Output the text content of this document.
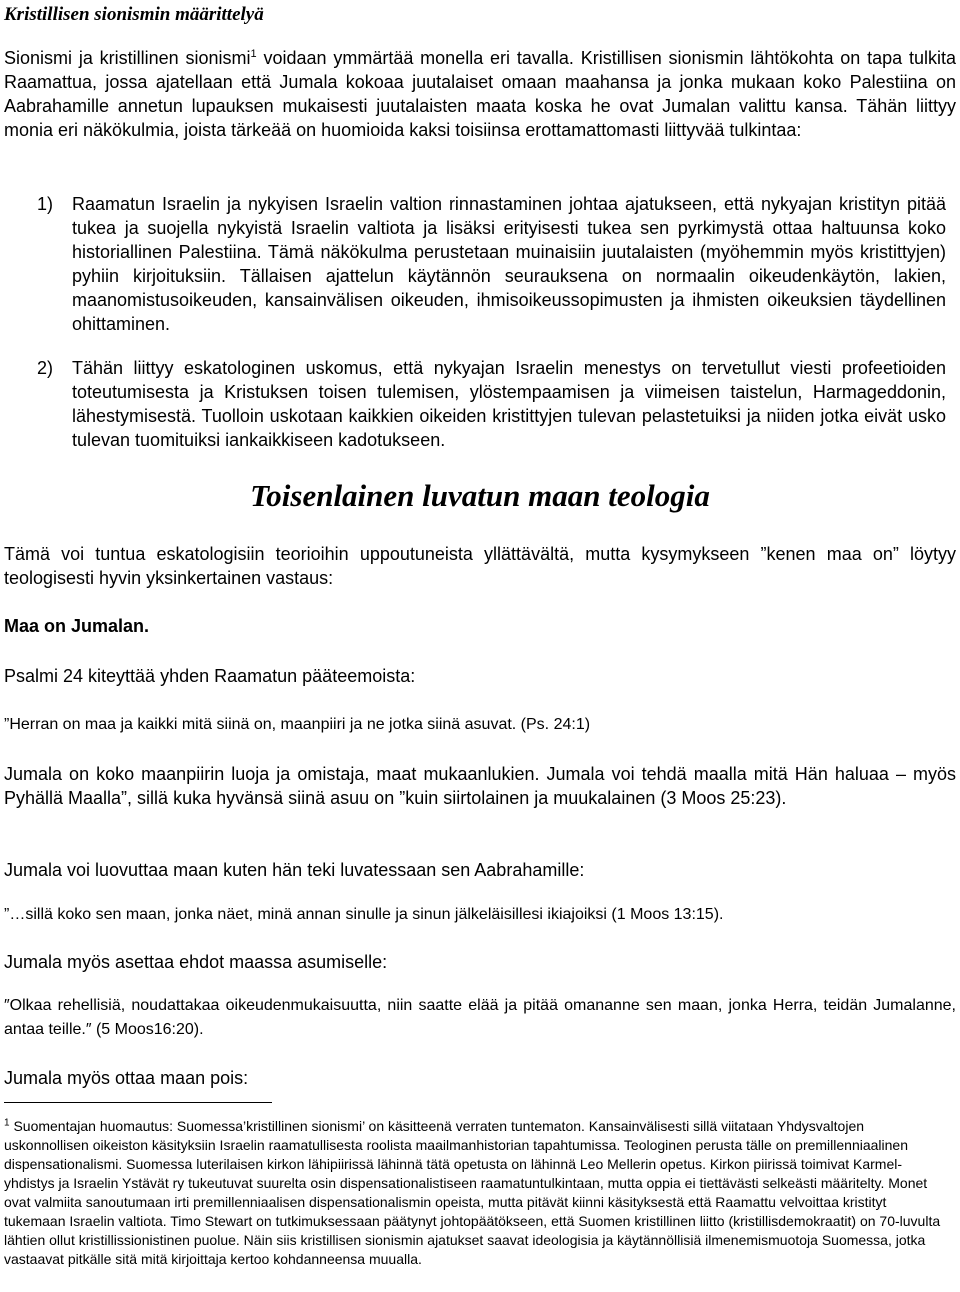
Kristillisen sionismin määrittelyä

Sionismi ja kristillinen sionismi$^1$ voidaan ymmärtää monella eri tavalla. Kristillisen sionismin lähtökohta on tapa tulkita Raamattua, jossa ajatellaan että Jumala kokoaa juutalaiset omaan maahansa ja jonka mukaan koko Palestiina on Aabrahamille annetun lupauksen mukaisesti juutalaisten maata koska he ovat Jumalan valittu kansa. Tähän liittyy monia eri näkökulmia, joista tärkeää on huomioida kaksi toisiinsa erottamattomasti liittyvää tulkintaa:

1) Raamatun Israelin ja nykyisen Israelin valtion rinnastaminen johtaa ajatukseen, että nykyajan kristityn pitää tukea ja suojella nykyistä Israelin valtiota ja lisäksi erityisesti tukea sen pyrkimystä ottaa haltuunsa koko historiallinen Palestiina. Tämä näkökulma perustetaan muinaisiin juutalaisten (myöhemmin myös kristittyjen) pyhiin kirjoituksiin. Tällaisen ajattelun käytännön seurauksena on normaalin oikeudenkäytön, lakien, maanomistusoikeuden, kansainvälisen oikeuden, ihmisoikeussopimusten ja ihmisten oikeuksien täydellinen ohittaminen.
2) Tähän liittyy eskatologinen uskomus, että nykyajan Israelin menestys on tervetullut viesti profeetioiden toteutumisesta ja Kristuksen toisen tulemisen, ylöstempaamisen ja viimeisen taistelun, Harmageddonin, lähestymisestä. Tuolloin uskotaan kaikkien oikeiden kristittyjen tulevan pelastetuiksi ja niiden jotka eivät usko tulevan tuomituiksi iankaikkiseen kadotukseen.
Toisenlainen luvatun maan teologia

Tämä voi tuntua eskatologisiin teorioihin uppoutuneista yllättävältä, mutta kysymykseen ”kenen maa on” löytyy teologisesti hyvin yksinkertainen vastaus:

Maa on Jumalan.

Psalmi 24 kiteyttää yhden Raamatun pääteemoista:

”Herran on maa ja kaikki mitä siinä on, maanpiiri ja ne jotka siinä asuvat. (Ps. 24:1)

Jumala on koko maanpiirin luoja ja omistaja, maat mukaanlukien. Jumala voi tehdä maalla mitä Hän haluaa – myös Pyhällä Maalla”, sillä kuka hyvänsä siinä asuu on ”kuin siirtolainen ja muukalainen (3 Moos 25:23).

Jumala voi luovuttaa maan kuten hän teki luvatessaan sen Aabrahamille:

”…sillä koko sen maan, jonka näet, minä annan sinulle ja sinun jälkeläisillesi ikiajoiksi (1 Moos 13:15).

Jumala myös asettaa ehdot maassa asumiselle:

″Olkaa rehellisiä, noudattakaa oikeudenmukaisuutta, niin saatte elää ja pitää omananne sen maan, jonka Herra, teidän Jumalanne, antaa teille.″ (5 Moos16:20).

Jumala myös ottaa maan pois:

$^1$ Suomentajan huomautus: Suomessa’kristillinen sionismi’ on käsitteenä verraten tuntematon. Kansainvälisesti sillä viitataan Yhdysvaltojen uskonnollisen oikeiston käsityksiin Israelin raamatullisesta roolista maailmanhistorian tapahtumissa. Teologinen perusta tälle on premillenniaalinen dispensationalismi. Suomessa luterilaisen kirkon lähipiirissä lähinnä tätä opetusta on lähinnä Leo Mellerin opetus. Kirkon piirissä toimivat Karmel-yhdistys ja Israelin Ystävät ry tukeutuvat suurelta osin dispensationalistiseen raamatuntulkintaan, mutta oppia ei tiettävästi selkeästi määritelty. Monet ovat valmiita sanoutumaan irti premillenniaalisen dispensationalismin opeista, mutta pitävät kiinni käsityksestä että Raamattu velvoittaa kristityt tukemaan Israelin valtiota. Timo Stewart on tutkimuksessaan päätynyt johtopäätökseen, että Suomen kristillinen liitto (kristillisdemokraatit) on 70-luvulta lähtien ollut kristillissionistinen puolue. Näin siis kristillisen sionismin ajatukset saavat ideologisia ja käytännöllisiä ilmenemismuotoja Suomessa, jotka vastaavat pitkälle sitä mitä kirjoittaja kertoo kohdanneensa muualla.
